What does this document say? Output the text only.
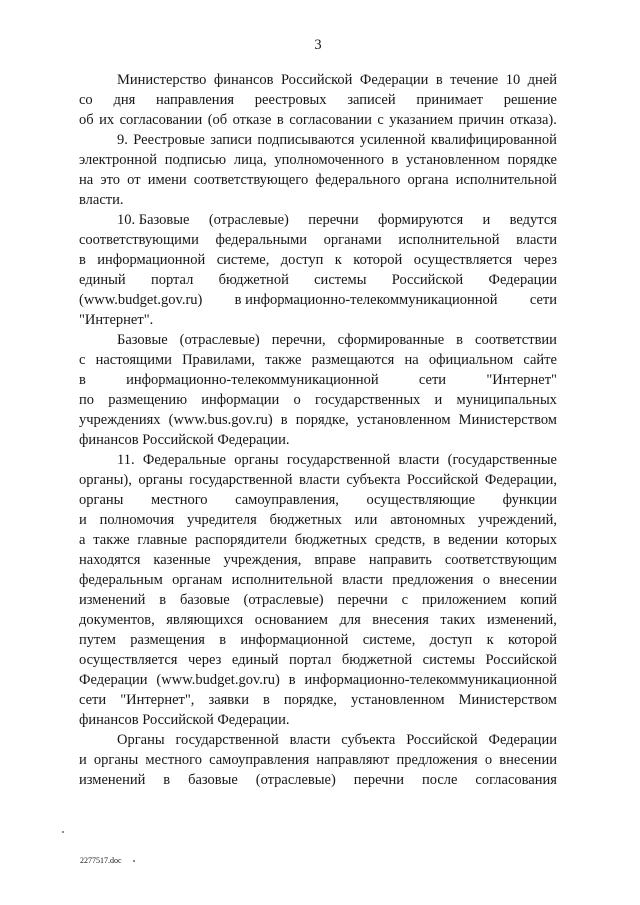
3
Министерство финансов Российской Федерации в течение 10 дней
со дня направления реестровых записей принимает решение
об их согласовании (об отказе в согласовании с указанием причин отказа).
9. Реестровые записи подписываются усиленной квалифицированной
электронной подписью лица, уполномоченного в установленном порядке
на это от имени соответствующего федерального органа исполнительной
власти.
10. Базовые (отраслевые) перечни формируются и ведутся
соответствующими федеральными органами исполнительной власти
в информационной системе, доступ к которой осуществляется через
единый портал бюджетной системы Российской Федерации
(www.budget.gov.ru) в информационно-телекоммуникационной сети
"Интернет".
Базовые (отраслевые) перечни, сформированные в соответствии
с настоящими Правилами, также размещаются на официальном сайте
в	информационно-телекоммуникационной	сети	"Интернет"
по размещению информации о государственных и муниципальных
учреждениях (www.bus.gov.ru) в порядке, установленном Министерством
финансов Российской Федерации.
11. Федеральные органы государственной власти (государственные
органы), органы государственной власти субъекта Российской Федерации,
органы местного самоуправления, осуществляющие функции
и полномочия учредителя бюджетных или автономных учреждений,
а также главные распорядители бюджетных средств, в ведении которых
находятся казенные учреждения, вправе направить соответствующим
федеральным органам исполнительной власти предложения о внесении
изменений в базовые (отраслевые) перечни с приложением копий
документов, являющихся основанием для внесения таких изменений,
путем размещения в информационной системе, доступ к которой
осуществляется через единый портал бюджетной системы Российской
Федерации (www.budget.gov.ru) в информационно-телекоммуникационной
сети "Интернет", заявки в порядке, установленном Министерством
финансов Российской Федерации.
Органы государственной власти субъекта Российской Федерации
и органы местного самоуправления направляют предложения о внесении
изменений в базовые (отраслевые) перечни после согласования
2277517.doc
